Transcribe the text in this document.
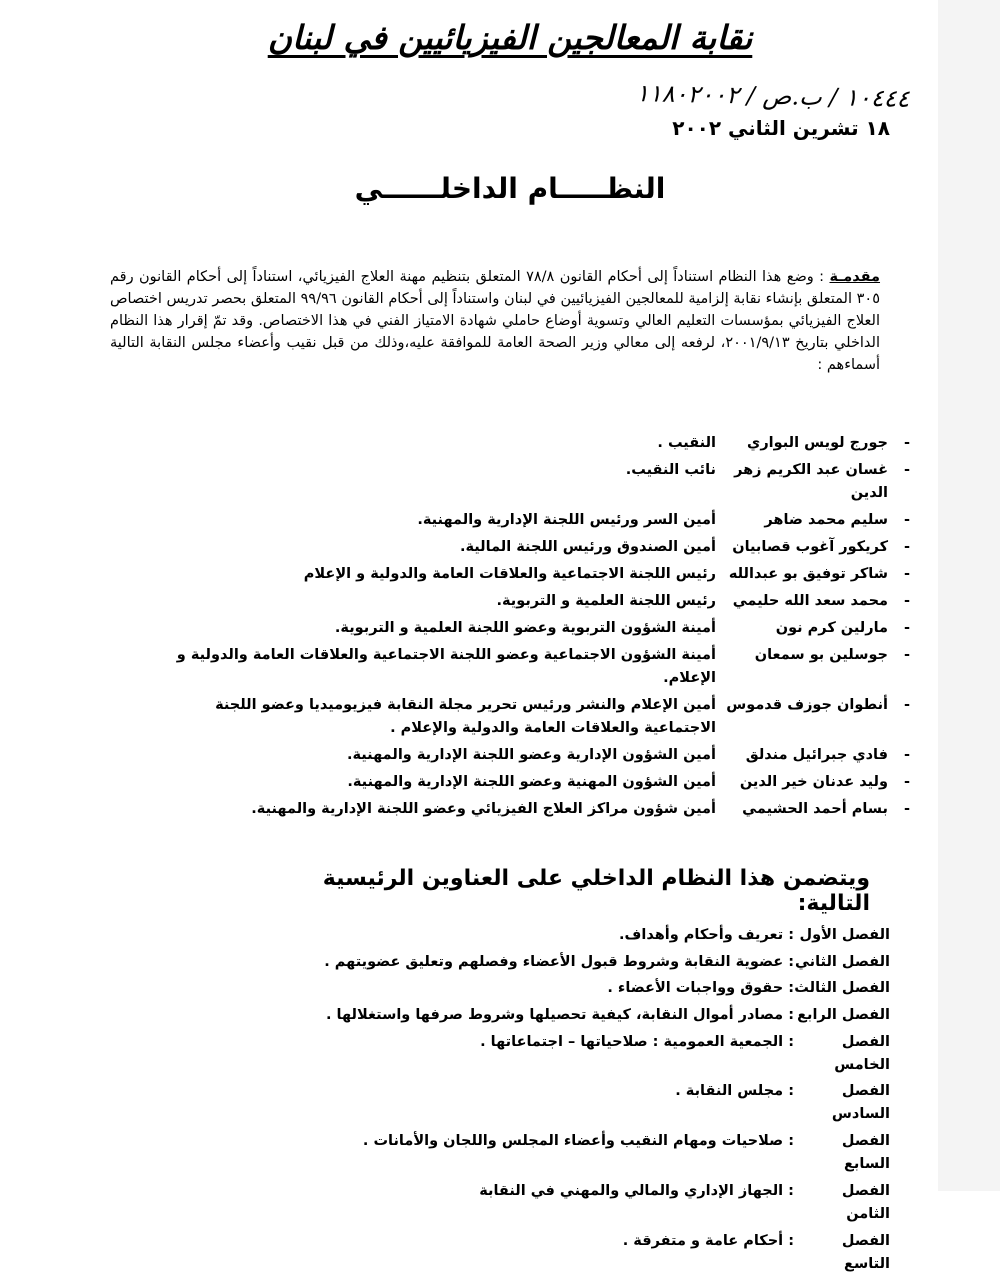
نقابة المعالجين الفيزيائيين في لبنان
١٠٤٤٤ / ب.ص / ١١٨٠٢٠٠٢
١٨ تشرين الثاني ٢٠٠٢
النظـــــام الداخلــــــي
مقدمـة : وضع هذا النظام استناداً إلى أحكام القانون ٧٨/٨ المتعلق بتنظيم مهنة العلاج الفيزيائي، استناداً إلى أحكام القانون رقم ٣٠٥ المتعلق بإنشاء نقابة إلزامية للمعالجين الفيزيائيين في لبنان واستناداً إلى أحكام القانون ٩٩/٩٦ المتعلق بحصر تدريس اختصاص العلاج الفيزيائي بمؤسسات التعليم العالي وتسوية أوضاع حاملي شهادة الامتياز الفني في هذا الاختصاص. وقد تمّ إقرار هذا النظام الداخلي بتاريخ ٢٠٠١/٩/١٣، لرفعه إلى معالي وزير الصحة العامة للموافقة عليه،وذلك من قبل نقيب وأعضاء مجلس النقابة التالية أسماءهم :
-
جورج لويس البواري
النقيب .
-
غسان عبد الكريم زهر الدين
نائب النقيب.
-
سليم محمد ضاهر
أمين السر ورئيس اللجنة الإدارية والمهنية.
-
كريكور آغوب قصابيان
أمين الصندوق ورئيس اللجنة المالية.
-
شاكر توفيق بو عبدالله
رئيس اللجنة الاجتماعية والعلاقات العامة والدولية و الإعلام
-
محمد سعد الله حليمي
رئيس اللجنة العلمية و التربوية.
-
مارلين كرم نون
أمينة الشؤون التربوية وعضو اللجنة العلمية و التربوية.
-
جوسلين بو سمعان
أمينة الشؤون الاجتماعية وعضو اللجنة الاجتماعية والعلاقات العامة والدولية و الإعلام.
-
أنطوان جوزف قدموس
أمين الإعلام والنشر ورئيس تحرير مجلة النقابة فيزيوميديا وعضو اللجنة الاجتماعية والعلاقات العامة والدولية والإعلام .
-
فادي جبرائيل مندلق
أمين الشؤون الإدارية وعضو اللجنة الإدارية والمهنية.
-
وليد عدنان خير الدين
أمين الشؤون المهنية وعضو اللجنة الإدارية والمهنية.
-
بسام أحمد الحشيمي
أمين شؤون مراكز العلاج الفيزيائي وعضو اللجنة الإدارية والمهنية.
ويتضمن هذا النظام الداخلي على العناوين الرئيسية التالية:
الفصل الأول
: تعريف وأحكام وأهداف.
الفصل الثاني
: عضوية النقابة وشروط قبول الأعضاء وفصلهم وتعليق عضويتهم .
الفصل الثالث
: حقوق وواجبات الأعضاء .
الفصل الرابع
: مصادر أموال النقابة، كيفية تحصيلها وشروط صرفها واستغلالها .
الفصل الخامس
: الجمعية العمومية : صلاحياتها – اجتماعاتها .
الفصل السادس
: مجلس النقابة .
الفصل السابع
: صلاحيات ومهام النقيب وأعضاء المجلس واللجان والأمانات .
الفصل الثامن
: الجهاز الإداري والمالي والمهني في النقابة
الفصل التاسع
: أحكام عامة و متفرقة .
